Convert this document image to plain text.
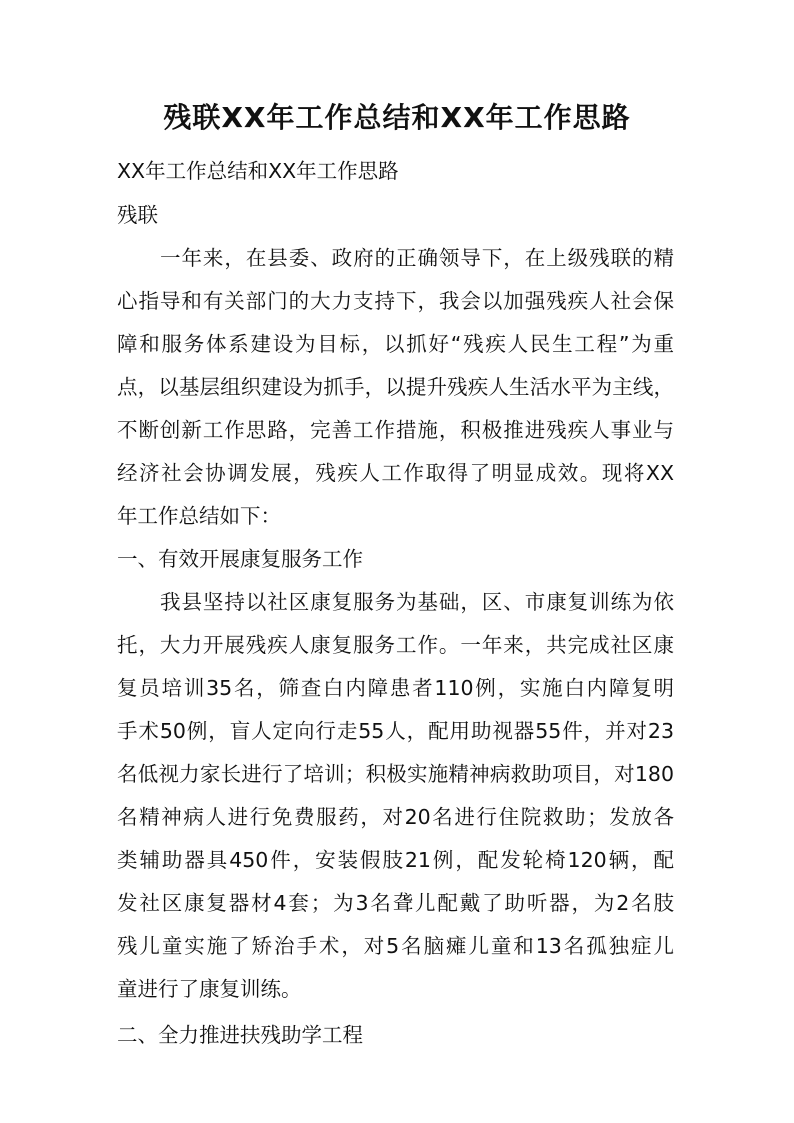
残联XX年工作总结和XX年工作思路
XX年工作总结和XX年工作思路
残联
一年来，在县委、政府的正确领导下，在上级残联的精
心指导和有关部门的大力支持下，我会以加强残疾人社会保
障和服务体系建设为目标，以抓好“残疾人民生工程”为重
点，以基层组织建设为抓手，以提升残疾人生活水平为主线，
不断创新工作思路，完善工作措施，积极推进残疾人事业与
经济社会协调发展，残疾人工作取得了明显成效。现将XX
年工作总结如下：
一、有效开展康复服务工作
我县坚持以社区康复服务为基础，区、市康复训练为依
托，大力开展残疾人康复服务工作。一年来，共完成社区康
复员培训35名，筛查白内障患者110例，实施白内障复明
手术50例，盲人定向行走55人，配用助视器55件，并对23
名低视力家长进行了培训；积极实施精神病救助项目，对180
名精神病人进行免费服药，对20名进行住院救助；发放各
类辅助器具450件，安装假肢21例，配发轮椅120辆，配
发社区康复器材4套；为3名聋儿配戴了助听器，为2名肢
残儿童实施了矫治手术，对5名脑瘫儿童和13名孤独症儿
童进行了康复训练。
二、全力推进扶残助学工程
